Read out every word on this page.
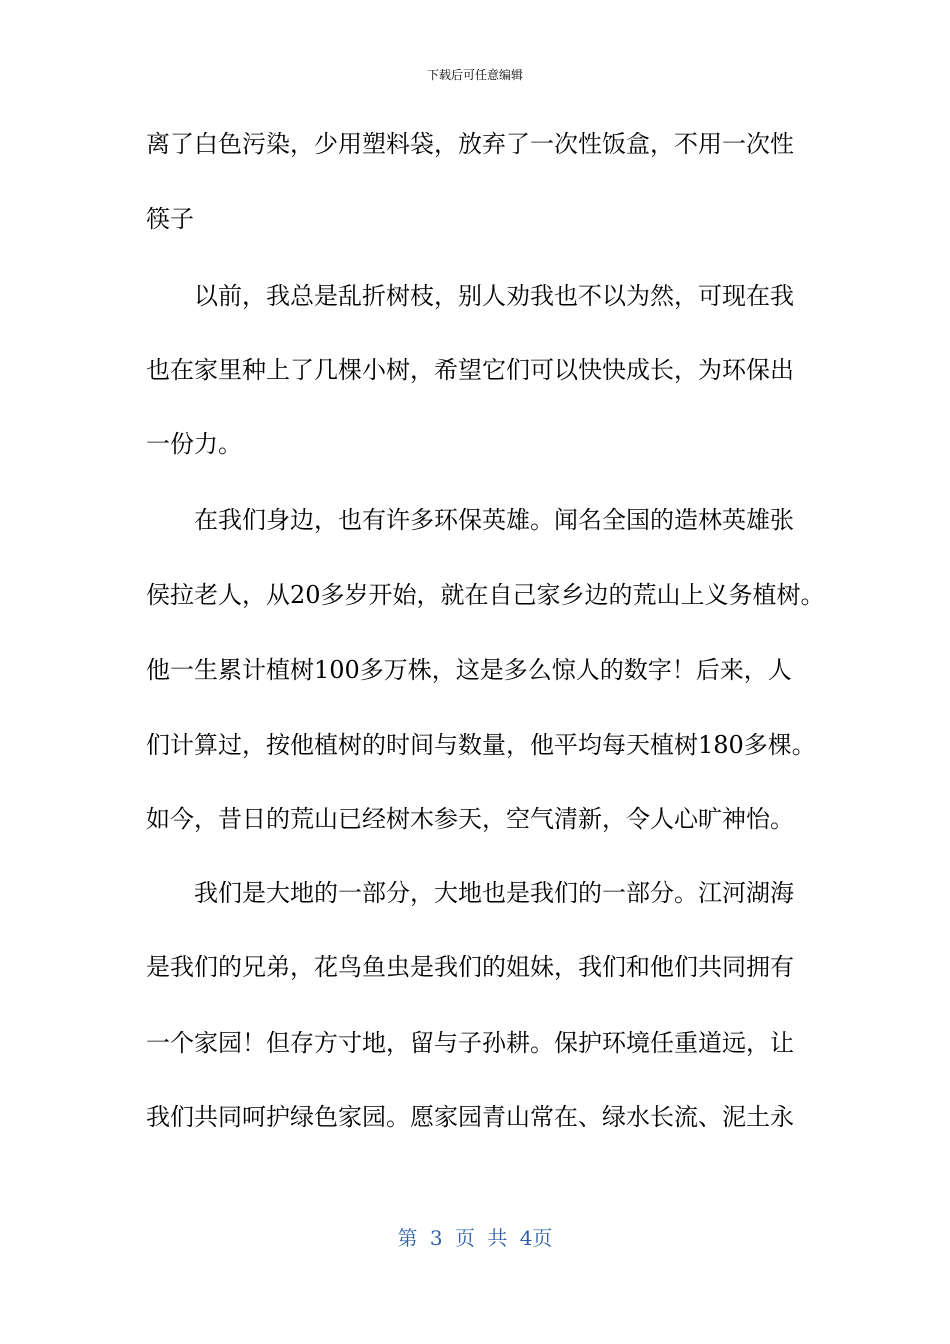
下载后可任意编辑
离了白色污染，少用塑料袋，放弃了一次性饭盒，不用一次性
筷子
　　以前，我总是乱折树枝，别人劝我也不以为然，可现在我
也在家里种上了几棵小树，希望它们可以快快成长，为环保出
一份力。
　　在我们身边，也有许多环保英雄。闻名全国的造林英雄张
侯拉老人，从20多岁开始，就在自己家乡边的荒山上义务植树。
他一生累计植树100多万株，这是多么惊人的数字！后来，人
们计算过，按他植树的时间与数量，他平均每天植树180多棵。
如今，昔日的荒山已经树木参天，空气清新，令人心旷神怡。
　　我们是大地的一部分，大地也是我们的一部分。江河湖海
是我们的兄弟，花鸟鱼虫是我们的姐妹，我们和他们共同拥有
一个家园！但存方寸地，留与子孙耕。保护环境任重道远，让
我们共同呵护绿色家园。愿家园青山常在、绿水长流、泥土永
第 3 页 共 4页
